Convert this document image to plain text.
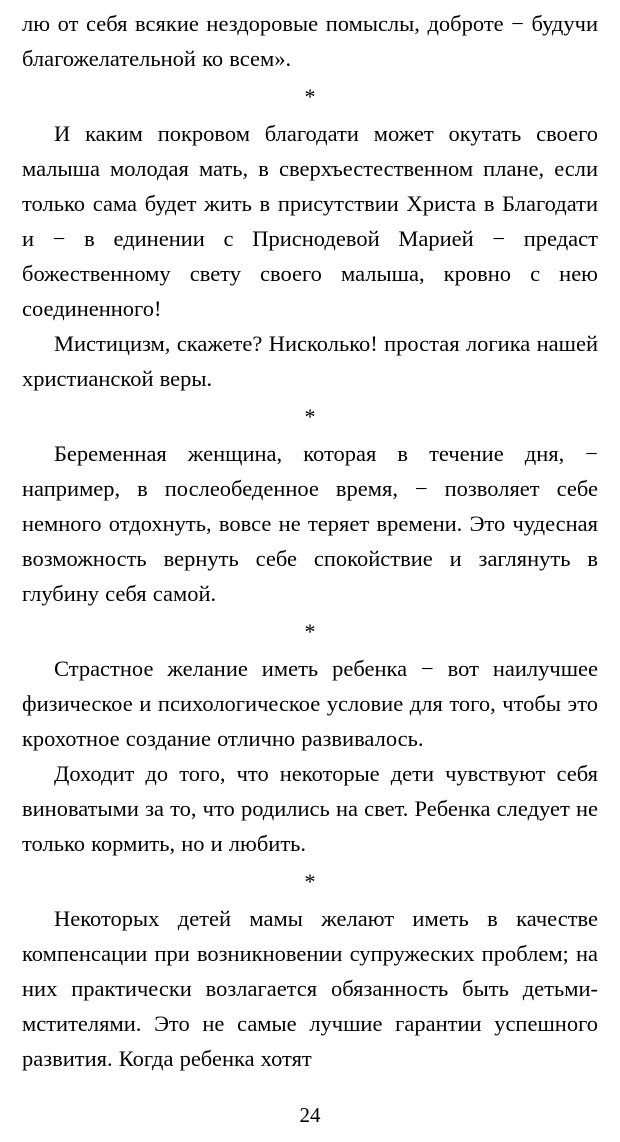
лю от себя всякие нездоровые помыслы, доброте − будучи благожелательной ко всем».

*

И каким покровом благодати может окутать своего малыша молодая мать, в сверхъестественном плане, если только сама будет жить в присутствии Христа в Благодати и − в единении с Приснодевой Марией − предаст божественному свету своего малыша, кровно с нею соединенного!

Мистицизм, скажете? Нисколько! простая логика нашей христианской веры.

*

Беременная женщина, которая в течение дня, − например, в послеобеденное время, − позволяет себе немного отдохнуть, вовсе не теряет времени. Это чудесная возможность вернуть себе спокойствие и заглянуть в глубину себя самой.

*

Страстное желание иметь ребенка − вот наилучшее физическое и психологическое условие для того, чтобы это крохотное создание отлично развивалось.

Доходит до того, что некоторые дети чувствуют себя виноватыми за то, что родились на свет. Ребенка следует не только кормить, но и любить.

*

Некоторых детей мамы желают иметь в качестве компенсации при возникновении супружеских проблем; на них практически возлагается обязанность быть детьми-мстителями. Это не самые лучшие гарантии успешного развития. Когда ребенка хотят

24
